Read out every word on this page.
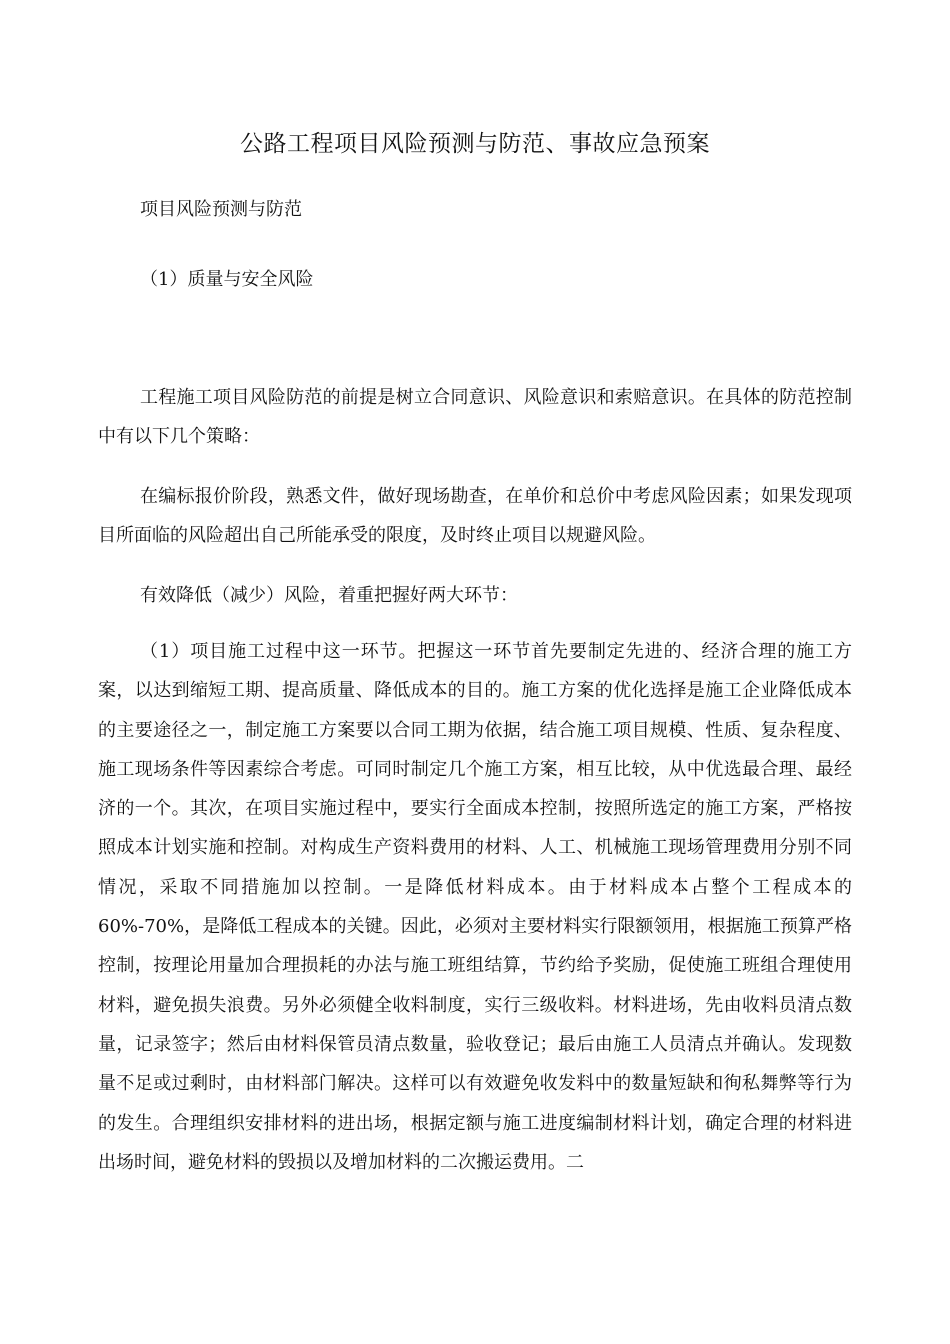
公路工程项目风险预测与防范、事故应急预案
项目风险预测与防范
（1）质量与安全风险

工程施工项目风险防范的前提是树立合同意识、风险意识和索赔意识。在具体的防范控制中有以下几个策略：

在编标报价阶段，熟悉文件，做好现场勘查，在单价和总价中考虑风险因素；如果发现项目所面临的风险超出自己所能承受的限度，及时终止项目以规避风险。

有效降低（减少）风险，着重把握好两大环节：

（1）项目施工过程中这一环节。把握这一环节首先要制定先进的、经济合理的施工方案，以达到缩短工期、提高质量、降低成本的目的。施工方案的优化选择是施工企业降低成本的主要途径之一，制定施工方案要以合同工期为依据，结合施工项目规模、性质、复杂程度、施工现场条件等因素综合考虑。可同时制定几个施工方案，相互比较，从中优选最合理、最经济的一个。其次，在项目实施过程中，要实行全面成本控制，按照所选定的施工方案，严格按照成本计划实施和控制。对构成生产资料费用的材料、人工、机械施工现场管理费用分别不同情况，采取不同措施加以控制。一是降低材料成本。由于材料成本占整个工程成本的60%-70%，是降低工程成本的关键。因此，必须对主要材料实行限额领用，根据施工预算严格控制，按理论用量加合理损耗的办法与施工班组结算，节约给予奖励，促使施工班组合理使用材料，避免损失浪费。另外必须健全收料制度，实行三级收料。材料进场，先由收料员清点数量，记录签字；然后由材料保管员清点数量，验收登记；最后由施工人员清点并确认。发现数量不足或过剩时，由材料部门解决。这样可以有效避免收发料中的数量短缺和徇私舞弊等行为的发生。合理组织安排材料的进出场，根据定额与施工进度编制材料计划，确定合理的材料进出场时间，避免材料的毁损以及增加材料的二次搬运费用。二
